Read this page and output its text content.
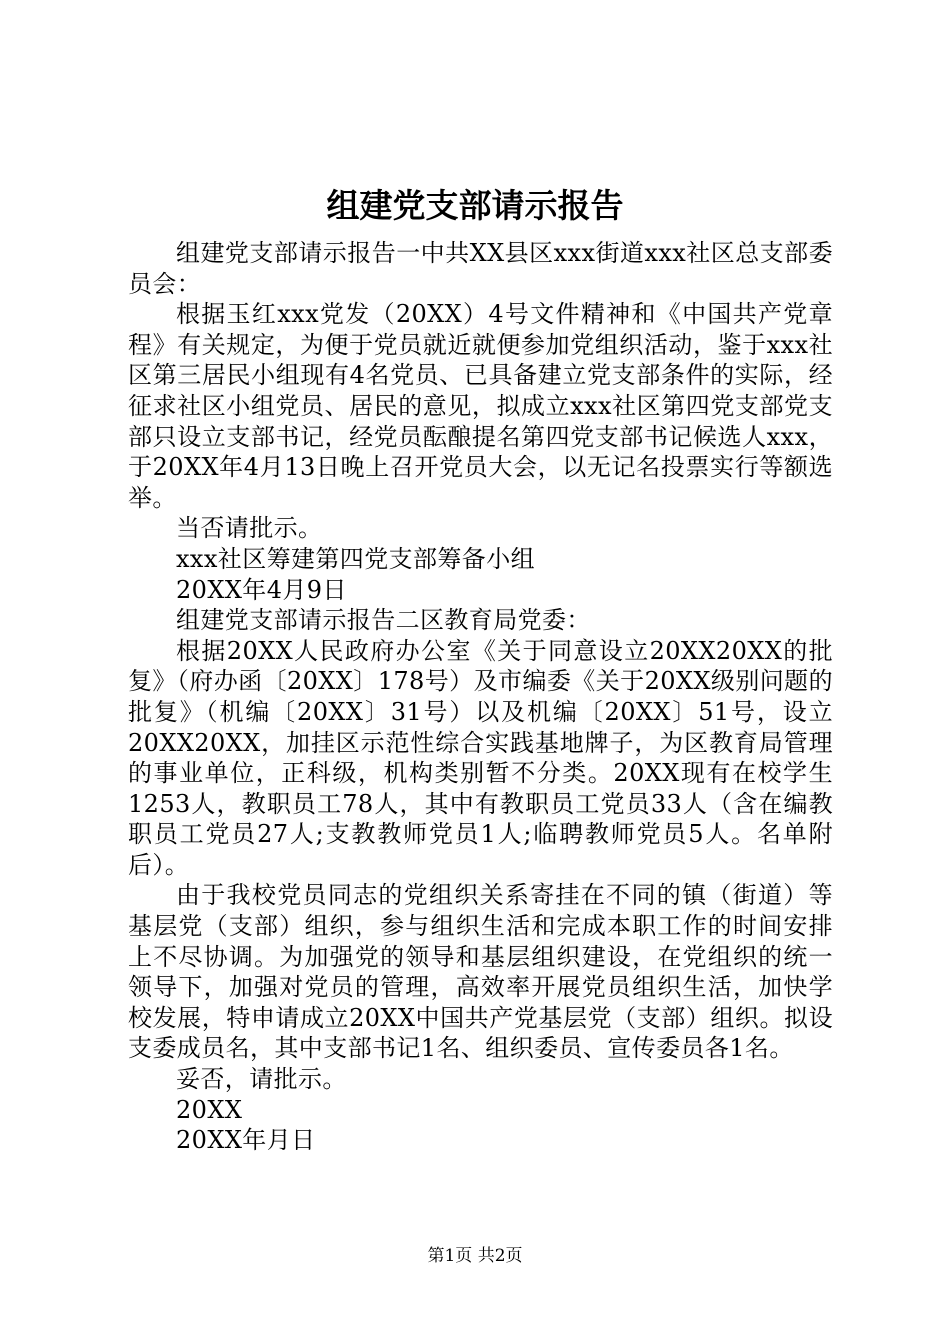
组建党支部请示报告

组建党支部请示报告一中共XX县区xxx街道xxx社区总支部委员会：

根据玉红xxx党发（20XX）4号文件精神和《中国共产党章程》有关规定，为便于党员就近就便参加党组织活动，鉴于xxx社区第三居民小组现有4名党员、已具备建立党支部条件的实际，经征求社区小组党员、居民的意见，拟成立xxx社区第四党支部党支部只设立支部书记，经党员酝酿提名第四党支部书记候选人xxx，于20XX年4月13日晚上召开党员大会，以无记名投票实行等额选举。

当否请批示。

xxx社区筹建第四党支部筹备小组

20XX年4月9日

组建党支部请示报告二区教育局党委：

根据20XX人民政府办公室《关于同意设立20XX20XX的批复》（府办函〔20XX〕178号）及市编委《关于20XX级别问题的批复》（机编〔20XX〕31号）以及机编〔20XX〕51号，设立20XX20XX，加挂区示范性综合实践基地牌子，为区教育局管理的事业单位，正科级，机构类别暂不分类。20XX现有在校学生1253人，教职员工78人，其中有教职员工党员33人（含在编教职员工党员27人;支教教师党员1人;临聘教师党员5人。名单附后）。

由于我校党员同志的党组织关系寄挂在不同的镇（街道）等基层党（支部）组织，参与组织生活和完成本职工作的时间安排上不尽协调。为加强党的领导和基层组织建设，在党组织的统一领导下，加强对党员的管理，高效率开展党员组织生活，加快学校发展，特申请成立20XX中国共产党基层党（支部）组织。拟设支委成员名，其中支部书记1名、组织委员、宣传委员各1名。

妥否，请批示。

20XX

20XX年月日

第1页 共2页
